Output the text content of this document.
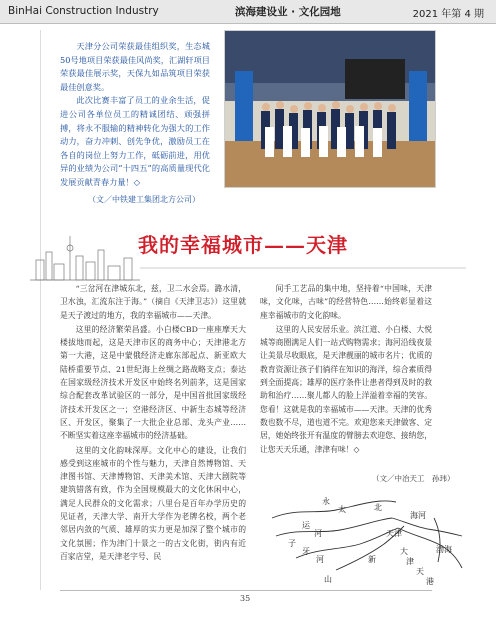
BinHai Construction Industry	滨海建设业 · 文化园地	2021 年第 4 期

天津分公司荣获最佳组织奖，生态城50号地项目荣获最佳风尚奖，汇湖轩项目荣获最佳展示奖，天保九如品筑项目荣获最佳创意奖。

此次比赛丰富了员工的业余生活，促进公司各单位员工的精诚团结、顽强拼搏，将永不服输的精神转化为强大的工作动力，奋力冲刺、创先争优，激励员工在各自的岗位上努力工作，砥砺前进，用优异的业绩为公司“十四五”的高质量现代化发展贡献青春力量！◇

（文／中铁建工集团北方公司）
我的幸福城市——天津

“三岔河在津城东北，兹，卫二水会焉。潞水清，卫水浊，汇流东注于海。”（摘自《天津卫志》）这里就是天子渡过的地方，我的幸福城市——天津。

这里的经济繁荣昌盛。小白楼CBD一座座摩天大楼拔地而起，这是天津市区的商务中心；天津港北方第一大港，这是中蒙俄经济走廊东部起点、新亚欧大陆桥重要节点、21世纪海上丝绸之路战略支点；泰达在国家级经济技术开发区中始终名列前茅，这是国家综合配套改革试验区的一部分，是中国首批国家级经济技术开发区之一；空港经济区、中新生态城等经济区、开发区，聚集了一大批企业总部、龙头产业……不断坚实着这座幸福城市的经济基础。

这里的文化韵味深厚。文化中心的建设，让我们感受到这座城市的个性与魅力，天津自然博物馆、天津图书馆、天津博物馆、天津美术馆、天津大剧院等建筑错落有致，作为全国规模最大的文化休闲中心，满足人民群众的文化需求；八里台是百年办学历史的见证者，天津大学、南开大学作为老牌名校，两个老邻居内敛的气质、雄厚的实力更是加深了整个城市的文化氛围；作为津门十景之一的古文化街，街内有近百家店堂，是天津老字号、民

间手工艺品的集中地，坚持着“中国味，天津味，文化味，古味”的经营特色……始终彰显着这座幸福城市的文化韵味。

这里的人民安居乐业。滨江道、小白楼、大悦城等商圈满足人们一站式购物需求；海河沿线夜景让美景尽收眼底，是天津靓丽的城市名片；优质的教育资源让孩子们徜徉在知识的海洋，综合素质得到全面提高；雄厚的医疗条件让患者得到及时的救助和治疗……聚儿都人的脸上洋溢着幸福的笑容。您看！这就是我的幸福城市——天津。天津的优秀数也数不尽，道也道不完。欢迎您来天津做客、定居，她始终张开有温度的臂膀去欢迎您、接纳您，让您天天乐通，津津有味！◇

（文／中冶天工　孙玮）
永
太
运
河
子
牙
河
北
海河
渤海
山
新
天津
大
津
天
港
35
